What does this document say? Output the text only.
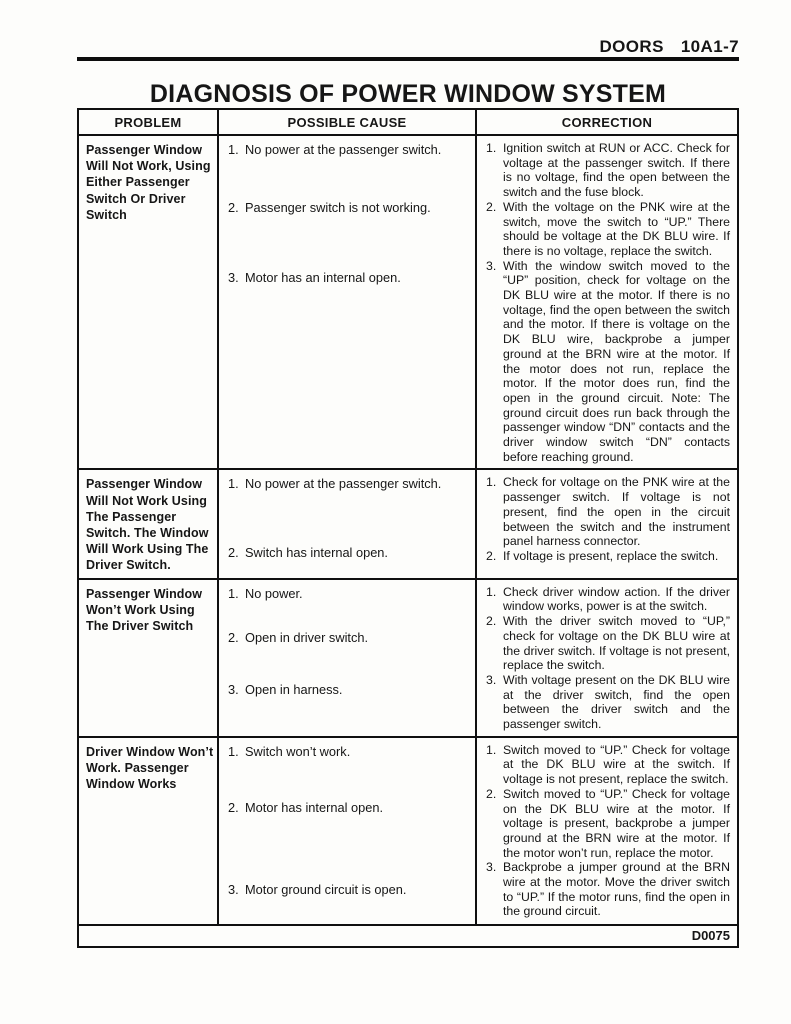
DOORS 10A1-7
DIAGNOSIS OF POWER WINDOW SYSTEM
PROBLEM	POSSIBLE CAUSE	CORRECTION
Passenger Window Will Not Work, Using Either Passenger Switch Or Driver Switch
1. No power at the passenger switch.
2. Passenger switch is not working.
3. Motor has an internal open.
1. Ignition switch at RUN or ACC. Check for voltage at the passenger switch. If there is no voltage, find the open between the switch and the fuse block.
2. With the voltage on the PNK wire at the switch, move the switch to “UP.” There should be voltage at the DK BLU wire. If there is no voltage, replace the switch.
3. With the window switch moved to the “UP” position, check for voltage on the DK BLU wire at the motor. If there is no voltage, find the open between the switch and the motor. If there is voltage on the DK BLU wire, backprobe a jumper ground at the BRN wire at the motor. If the motor does not run, replace the motor. If the motor does run, find the open in the ground circuit. Note: The ground circuit does run back through the passenger window “DN” contacts and the driver window switch “DN” contacts before reaching ground.
Passenger Window Will Not Work Using The Passenger Switch. The Window Will Work Using The Driver Switch.
1. No power at the passenger switch.
2. Switch has internal open.
1. Check for voltage on the PNK wire at the passenger switch. If voltage is not present, find the open in the circuit between the switch and the instrument panel harness connector.
2. If voltage is present, replace the switch.
Passenger Window Won’t Work Using The Driver Switch
1. No power.
2. Open in driver switch.
3. Open in harness.
1. Check driver window action. If the driver window works, power is at the switch.
2. With the driver switch moved to “UP,” check for voltage on the DK BLU wire at the driver switch. If voltage is not present, replace the switch.
3. With voltage present on the DK BLU wire at the driver switch, find the open between the driver switch and the passenger switch.
Driver Window Won’t Work. Passenger Window Works
1. Switch won’t work.
2. Motor has internal open.
3. Motor ground circuit is open.
1. Switch moved to “UP.” Check for voltage at the DK BLU wire at the switch. If voltage is not present, replace the switch.
2. Switch moved to “UP.” Check for voltage on the DK BLU wire at the motor. If voltage is present, backprobe a jumper ground at the BRN wire at the motor. If the motor won’t run, replace the motor.
3. Backprobe a jumper ground at the BRN wire at the motor. Move the driver switch to “UP.” If the motor runs, find the open in the ground circuit.
D0075
